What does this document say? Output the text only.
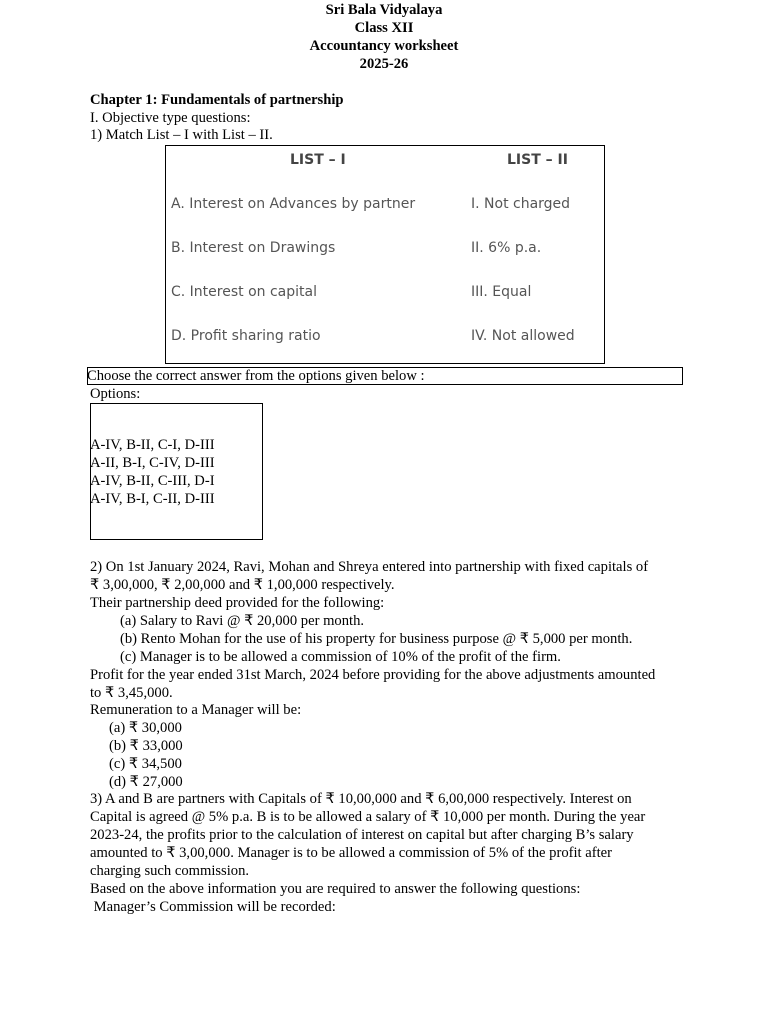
Sri Bala Vidyalaya
Class XII
Accountancy worksheet
2025-26
Chapter 1: Fundamentals of partnership
I. Objective type questions:
1) Match List – I with List – II.
LIST – I	LIST – II
A. Interest on Advances by partner	I. Not charged
B. Interest on Drawings	II. 6% p.a.
C. Interest on capital	III. Equal
D. Profit sharing ratio	IV. Not allowed
Choose the correct answer from the options given below :
Options:
A-IV, B-II, C-I, D-III
A-II, B-I, C-IV, D-III
A-IV, B-II, C-III, D-I
A-IV, B-I, C-II, D-III
2) On 1st January 2024, Ravi, Mohan and Shreya entered into partnership with fixed capitals of
₹ 3,00,000, ₹ 2,00,000 and ₹ 1,00,000 respectively.
Their partnership deed provided for the following:
(a) Salary to Ravi @ ₹ 20,000 per month.
(b) Rento Mohan for the use of his property for business purpose @ ₹ 5,000 per month.
(c) Manager is to be allowed a commission of 10% of the profit of the firm.
Profit for the year ended 31st March, 2024 before providing for the above adjustments amounted
to ₹ 3,45,000.
Remuneration to a Manager will be:
(a) ₹ 30,000
(b) ₹ 33,000
(c) ₹ 34,500
(d) ₹ 27,000
3) A and B are partners with Capitals of ₹ 10,00,000 and ₹ 6,00,000 respectively. Interest on
Capital is agreed @ 5% p.a. B is to be allowed a salary of ₹ 10,000 per month. During the year
2023-24, the profits prior to the calculation of interest on capital but after charging B’s salary
amounted to ₹ 3,00,000. Manager is to be allowed a commission of 5% of the profit after
charging such commission.
Based on the above information you are required to answer the following questions:
Manager’s Commission will be recorded:
